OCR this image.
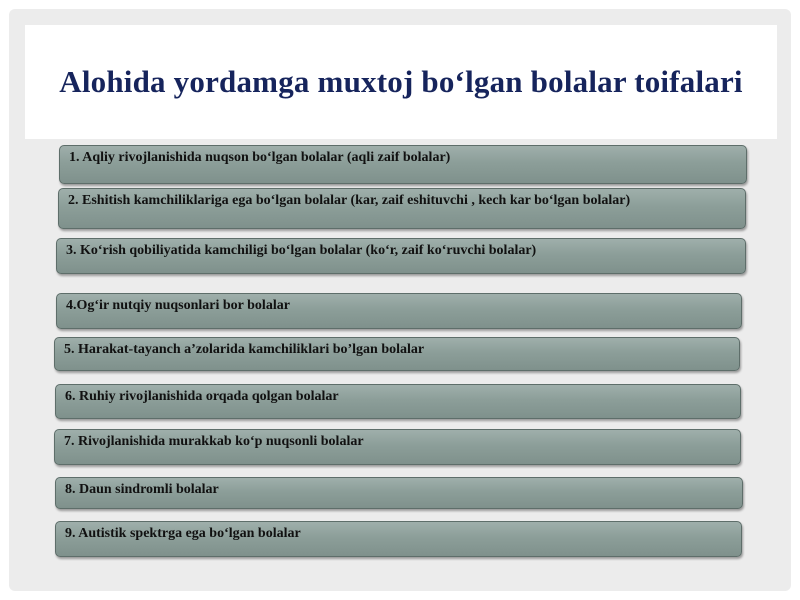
Alohida yordamga muxtoj bo‘lgan bolalar toifalari
1. Aqliy rivojlanishida nuqson bo‘lgan bolalar (aqli zaif bolalar)
2. Eshitish kamchiliklariga ega bo‘lgan bolalar (kar, zaif eshituvchi , kech kar bo‘lgan bolalar)
3. Ko‘rish qobiliyatida kamchiligi bo‘lgan bolalar (ko‘r, zaif ko‘ruvchi bolalar)
4.Og‘ir nutqiy nuqsonlari bor bolalar
5. Harakat-tayanch a’zolarida kamchiliklari bo’lgan bolalar
6. Ruhiy rivojlanishida orqada qolgan bolalar
7. Rivojlanishida murakkab ko‘p nuqsonli bolalar
8. Daun sindromli bolalar
9. Autistik spektrga ega bo‘lgan bolalar
